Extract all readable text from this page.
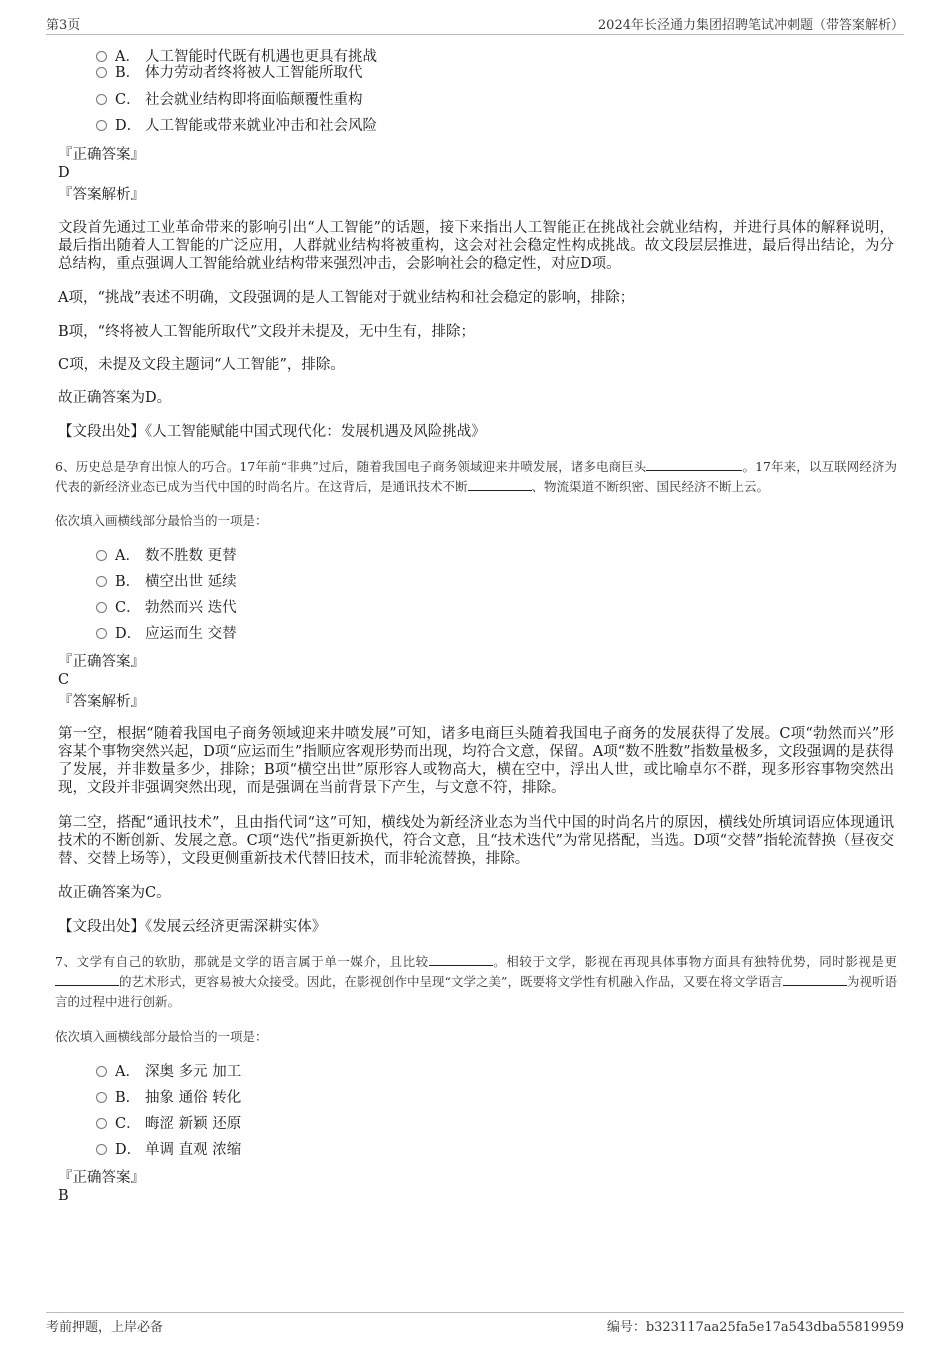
第3页	2024年长泾通力集团招聘笔试冲刺题（带答案解析）
A． 人工智能时代既有机遇也更具有挑战
B． 体力劳动者终将被人工智能所取代
C． 社会就业结构即将面临颠覆性重构
D． 人工智能或带来就业冲击和社会风险
『正确答案』
D
『答案解析』
文段首先通过工业革命带来的影响引出“人工智能”的话题，接下来指出人工智能正在挑战社会就业结构，并进行具体的解释说明，最后指出随着人工智能的广泛应用，人群就业结构将被重构，这会对社会稳定性构成挑战。故文段层层推进，最后得出结论，为分总结构，重点强调人工智能给就业结构带来强烈冲击，会影响社会的稳定性，对应D项。
A项，“挑战”表述不明确，文段强调的是人工智能对于就业结构和社会稳定的影响，排除；
B项，“终将被人工智能所取代”文段并未提及，无中生有，排除；
C项，未提及文段主题词“人工智能”，排除。
故正确答案为D。
【文段出处】《人工智能赋能中国式现代化：发展机遇及风险挑战》
6、历史总是孕育出惊人的巧合。17年前“非典”过后，随着我国电子商务领域迎来井喷发展，诸多电商巨头	。17年来，以互联网经济为代表的新经济业态已成为当代中国的时尚名片。在这背后，是通讯技术不断	、物流渠道不断织密、国民经济不断上云。
依次填入画横线部分最恰当的一项是：
A． 数不胜数 更替
B． 横空出世 延续
C． 勃然而兴 迭代
D． 应运而生 交替
『正确答案』
C
『答案解析』
第一空，根据“随着我国电子商务领域迎来井喷发展”可知，诸多电商巨头随着我国电子商务的发展获得了发展。C项“勃然而兴”形容某个事物突然兴起，D项“应运而生”指顺应客观形势而出现，均符合文意，保留。A项“数不胜数”指数量极多，文段强调的是获得了发展，并非数量多少，排除；B项“横空出世”原形容人或物高大，横在空中，浮出人世，或比喻卓尔不群，现多形容事物突然出现，文段并非强调突然出现，而是强调在当前背景下产生，与文意不符，排除。
第二空，搭配“通讯技术”，且由指代词“这”可知，横线处为新经济业态为当代中国的时尚名片的原因，横线处所填词语应体现通讯技术的不断创新、发展之意。C项“迭代”指更新换代，符合文意，且“技术迭代”为常见搭配，当选。D项“交替”指轮流替换（昼夜交替、交替上场等），文段更侧重新技术代替旧技术，而非轮流替换，排除。
故正确答案为C。
【文段出处】《发展云经济更需深耕实体》
7、文学有自己的软肋，那就是文学的语言属于单一媒介，且比较	。相较于文学，影视在再现具体事物方面具有独特优势，同时影视是更的艺术形式，更容易被大众接受。因此，在影视创作中呈现“文学之美”，既要将文学性有机融入作品，又要在将文学语言	为视听语言的过程中进行创新。
依次填入画横线部分最恰当的一项是：
A． 深奥 多元 加工
B． 抽象 通俗 转化
C． 晦涩 新颖 还原
D． 单调 直观 浓缩
『正确答案』
B
考前押题，上岸必备	编号：b323117aa25fa5e17a543dba55819959
